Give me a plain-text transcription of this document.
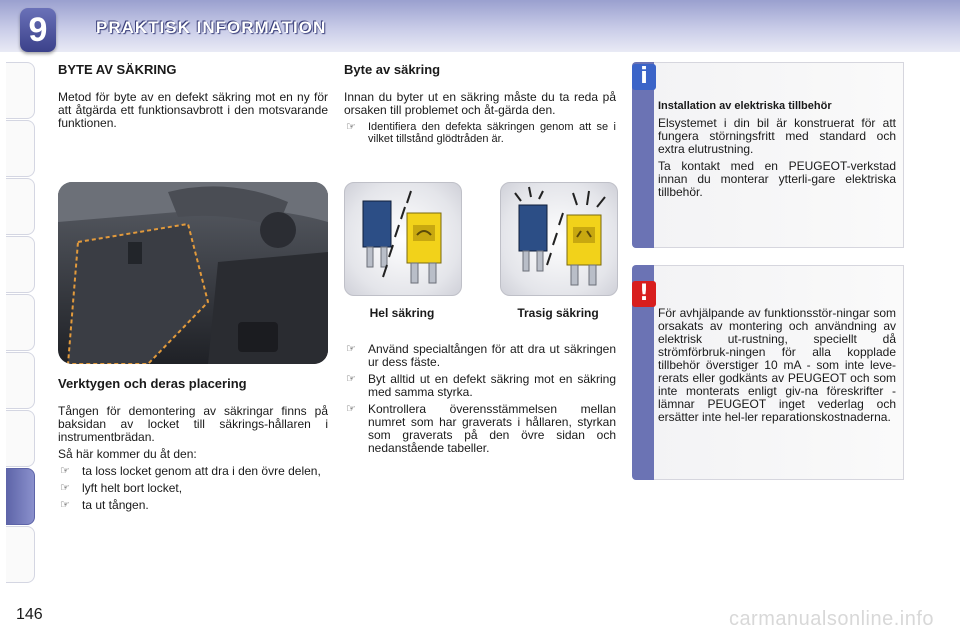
9	PRAKTISK INFORMATION
BYTE AV SÄKRING

Metod för byte av en defekt säkring mot en ny för att åtgärda ett funktionsavbrott i den motsvarande funktionen.

Verktygen och deras placering

Tången för demontering av säkringar finns på baksidan av locket till säkrings-hållaren i instrumentbrädan.

Så här kommer du åt den:

☞ ta loss locket genom att dra i den övre delen,
☞ lyft helt bort locket,
☞ ta ut tången.
Byte av säkring

Innan du byter ut en säkring måste du ta reda på orsaken till problemet och åt-gärda den.

☞ Identifiera den defekta säkringen genom att se i vilket tillstånd glödtråden är.
Hel säkring	Trasig säkring
☞ Använd specialtången för att dra ut säkringen ur dess fäste.
☞ Byt alltid ut en defekt säkring mot en säkring med samma styrka.
☞ Kontrollera överensstämmelsen mellan numret som har graverats i hållaren, styrkan som graverats på den övre sidan och nedanstående tabeller.
i

Installation av elektriska tillbehör

Elsystemet i din bil är konstruerat för att fungera störningsfritt med standard och extra elutrustning.

Ta kontakt med en PEUGEOT-verkstad innan du monterar ytterli-gare elektriska tillbehör.

!

För avhjälpande av funktionsstör-ningar som orsakats av montering och användning av elektrisk ut-rustning, speciellt då strömförbruk-ningen för alla kopplade tillbehör överstiger 10 mA - som inte leve-rerats eller godkänts av PEUGEOT och som inte monterats enligt giv-na föreskrifter - lämnar PEUGEOT inget vederlag och ersätter inte hel-ler reparationskostnaderna.

146	carmanualsonline.info
